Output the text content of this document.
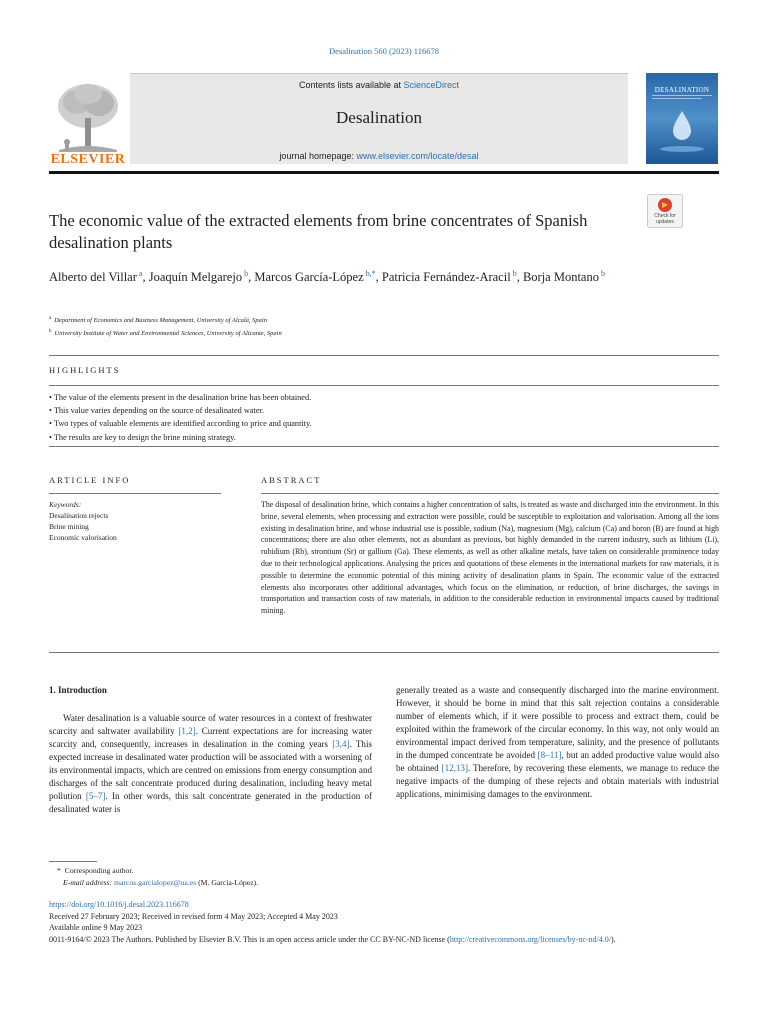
Desalination 560 (2023) 116678
ELSEVIER
Contents lists available at ScienceDirect
Desalination
journal homepage: www.elsevier.com/locate/desal
DESALINATION
Check for
updates
The economic value of the extracted elements from brine concentrates of Spanish desalination plants
Alberto del Villar $^a$, Joaquín Melgarejo $^b$, Marcos García-López $^{b,*}$, Patricia Fernández-Aracil $^b$, Borja Montano $^b$
$^a$ Department of Economics and Business Management, University of Alcalá, Spain
$^b$ University Institute of Water and Environmental Sciences, University of Alicante, Spain
HIGHLIGHTS
• The value of the elements present in the desalination brine has been obtained.
• This value varies depending on the source of desalinated water.
• Two types of valuable elements are identified according to price and quantity.
• The results are key to design the brine mining strategy.
ARTICLE INFO
Keywords:
Desalination rejects
Brine mining
Economic valorisation
ABSTRACT
The disposal of desalination brine, which contains a higher concentration of salts, is treated as waste and discharged into the environment. In this brine, several elements, when processing and extraction were possible, could be susceptible to exploitation and valorisation. Among all the ions existing in desalination brine, and whose industrial use is possible, sodium (Na), magnesium (Mg), calcium (Ca) and boron (B) are found at high concentrations; there are also other elements, not as abundant as previous, but highly demanded in the current industry, such as lithium (Li), rubidium (Rb), strontium (Sr) or gallium (Ga). These elements, as well as other alkaline metals, have taken on considerable prominence today due to their technological applications. Analysing the prices and quotations of these elements in the international markets for raw materials, it is possible to determine the economic potential of this mining activity of desalination plants in Spain. The economic value of the extracted elements also incorporates other additional advantages, which focus on the elimination, or reduction, of brine discharges, the savings in transportation and transaction costs of raw materials, in addition to the considerable reduction in environmental impacts caused by traditional mining.
1. Introduction

Water desalination is a valuable source of water resources in a context of freshwater scarcity and saltwater availability [1,2]. Current expectations are for increasing water scarcity and, consequently, increases in desalination in the coming years [3,4]. This expected increase in desalinated water production will be associated with a worsening of its environmental impacts, which are centred on emissions from energy consumption and discharges of the salt concentrate produced during desalination, including heavy metal pollution [5–7]. In other words, this salt concentrate generated in the production of desalinated water is

generally treated as a waste and consequently discharged into the marine environment. However, it should be borne in mind that this salt rejection contains a considerable number of elements which, if it were possible to process and extract them, could be exploited within the framework of the circular economy. In this way, not only would an environmental impact derived from temperature, salinity, and the presence of pollutants in the dumped concentrate be avoided [8–11], but an added productive value would also be obtained [12,13]. Therefore, by recovering these elements, we manage to reduce the negative impacts of the dumping of these rejects and obtain materials with industrial applications, minimising damages to the environment.

* Corresponding author.
E-mail address: marcos.garcialopez@ua.es (M. García-López).
https://doi.org/10.1016/j.desal.2023.116678
Received 27 February 2023; Received in revised form 4 May 2023; Accepted 4 May 2023
Available online 9 May 2023
0011-9164/© 2023 The Authors. Published by Elsevier B.V. This is an open access article under the CC BY-NC-ND license (http://creativecommons.org/licenses/by-nc-nd/4.0/).
